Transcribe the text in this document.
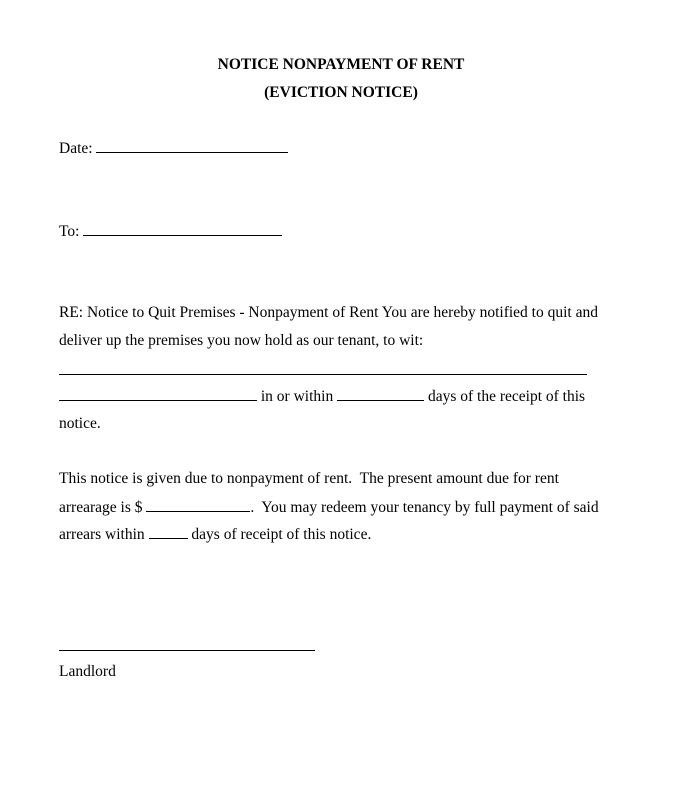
NOTICE NONPAYMENT OF RENT
(EVICTION NOTICE)
Date:
To:
RE: Notice to Quit Premises - Nonpayment of Rent You are hereby notified to quit and
deliver up the premises you now hold as our tenant, to wit:
in or within	days of the receipt of this
notice.
This notice is given due to nonpayment of rent.  The present amount due for rent
arrearage is $	.  You may redeem your tenancy by full payment of said
arrears within	days of receipt of this notice.
Landlord
